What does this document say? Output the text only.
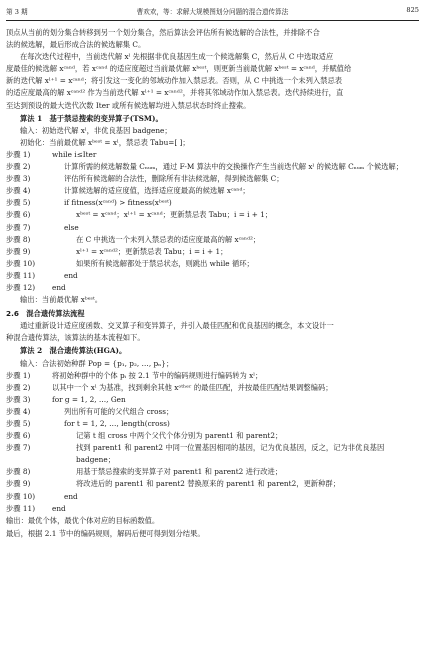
第 3 期	曹欢欢，等：求解大规模图划分问题的混合遗传算法	825

顶点从当前的划分集合转移到另一个划分集合，然后算法会评估所有候选解的合法性，并排除不合
法的候选解，最后形成合法的候选解集 C。

在每次迭代过程中，当前迭代解 xˡ 先根据非优良基因生成一个候选解集 C，然后从 C 中选取适应
度最佳的候选解 xᶜᵃⁿᵈ，若 xᶜᵃⁿᵈ 的适应度超过当前最优解 xᵇᵉˢᵗ，则更新当前最优解 xᵇᵉˢᵗ = xᶜᵃⁿᵈ，并赋值给
新的迭代解 xˡ⁺¹ = xᶜᵃⁿᵈ；将引发这一变化的邻域动作加入禁忌表。否则，从 C 中挑选一个未列入禁忌表
的适应度最高的解 xᶜᵃⁿᵈ² 作为当前迭代解 xˡ⁺¹ = xᶜᵃⁿᵈ²，并将其邻域动作加入禁忌表。迭代持续进行，直
至达到预设的最大迭代次数 Iter 或所有候选解均进入禁忌状态时终止搜索。

算法 1　基于禁忌搜索的变异算子(TSM)。
输入：初始迭代解 xˡ，非优良基因 badgene；
初始化：当前最优解 xᵇᵉˢᵗ = xˡ，禁忌表 Tabu=[ ]；
步骤 1)	while i≤Iter
步骤 2)	计算所需的候选解数量 Cₙᵤₘ，通过 F-M 算法中的交换操作产生当前迭代解 xˡ 的候选解 Cₙᵤₘ 个候选解；
步骤 3)	评估所有候选解的合法性，删除所有非法候选解，得到候选解集 C；
步骤 4)	计算候选解的适应度值，选择适应度最高的候选解 xᶜᵃⁿᵈ；
步骤 5)	if fitness(xᶜᵃⁿᵈ) > fitness(xᵇᵉˢᵗ)
步骤 6)	xᵇᵉˢᵗ = xᶜᵃⁿᵈ；xˡ⁺¹ = xᶜᵃⁿᵈ；更新禁忌表 Tabu；i = i + 1；
步骤 7)	else
步骤 8)	在 C 中挑选一个未列入禁忌表的适应度最高的解 xᶜᵃⁿᵈ²；
步骤 9)	xˡ⁺¹ = xᶜᵃⁿᵈ²；更新禁忌表 Tabu；i = i + 1；
步骤 10)	如果所有候选解都处于禁忌状态，则跳出 while 循环；
步骤 11)	end
步骤 12)	end
输出：当前最优解 xᵇᵉˢᵗ。
2.6　混合遗传算法流程

通过重新设计适应度函数、交叉算子和变异算子，并引入最佳匹配和优良基因的概念，本文设计一
种混合遗传算法，该算法的基本流程如下。

算法 2　混合遗传算法(HGA)。
输入：合法初始种群 Pop = {p₁, p₂, …, pₙ}；
步骤 1)	将初始种群中的个体 pᵢ 按 2.1 节中的编码规则进行编码转为 xˡ；
步骤 2)	以其中一个 xˡ 为基准，找到剩余其他 xᵒᵗʰᵉʳ 的最佳匹配，并按最佳匹配结果调整编码；
步骤 3)	for g = 1, 2, …, Gen
步骤 4)	列出所有可能的父代组合 cross；
步骤 5)	for t = 1, 2, …, length(cross)
步骤 6)	记第 t 组 cross 中两个父代个体分别为 parent1 和 parent2；
步骤 7)	找到 parent1 和 parent2 中同一位置基因相同的基因，记为优良基因，反之，记为非优良基因 badgene；
步骤 8)	用基于禁忌搜索的变异算子对 parent1 和 parent2 进行改进；
步骤 9)	将改进后的 parent1 和 parent2 替换原来的 parent1 和 parent2，更新种群；
步骤 10)	end
步骤 11)	end
输出：最优个体，最优个体对应的目标函数值。

最后，根据 2.1 节中的编码规则，解码后便可得到划分结果。
